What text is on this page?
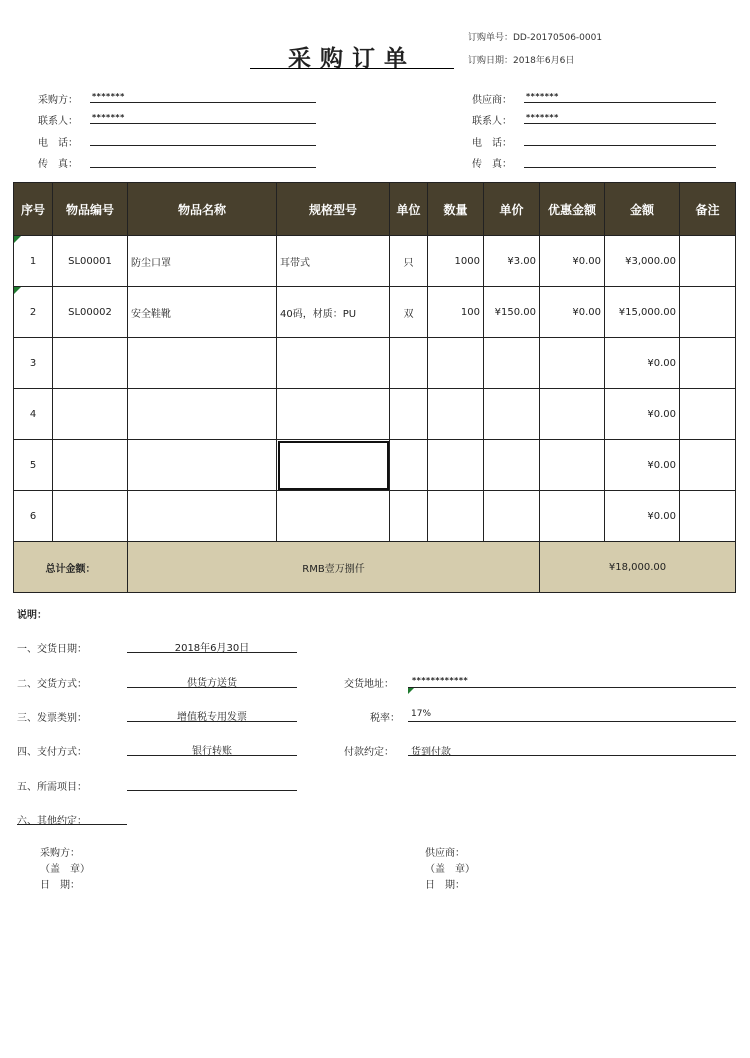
采购订单
订购单号：DD-20170506-0001
订购日期：2018年6月6日
采购方：	*******
联系人：	*******
电　话：
传　真：
供应商：	*******
联系人：	*******
电　话：
传　真：
序号	物品编号	物品名称	规格型号	单位	数量	单价	优惠金额	金额	备注
1	SL00001	防尘口罩	耳带式	只	1000	¥3.00	¥0.00	¥3,000.00	
2	SL00002	安全鞋靴	40码，材质：PU	双	100	¥150.00	¥0.00	¥15,000.00	
3								¥0.00	
4								¥0.00	
5								¥0.00	
6								¥0.00	
总计金额：		RMB壹万捌仟					¥18,000.00		
说明：
一、交货日期：	2018年6月30日
二、交货方式：	供货方送货	交货地址： ************
三、发票类别：	增值税专用发票	税率： 17%
四、支付方式：	银行转账	付款约定： 货到付款
五、所需项目：
六、其他约定：
采购方：
（盖　章）
日　期：
供应商：
（盖　章）
日　期：
